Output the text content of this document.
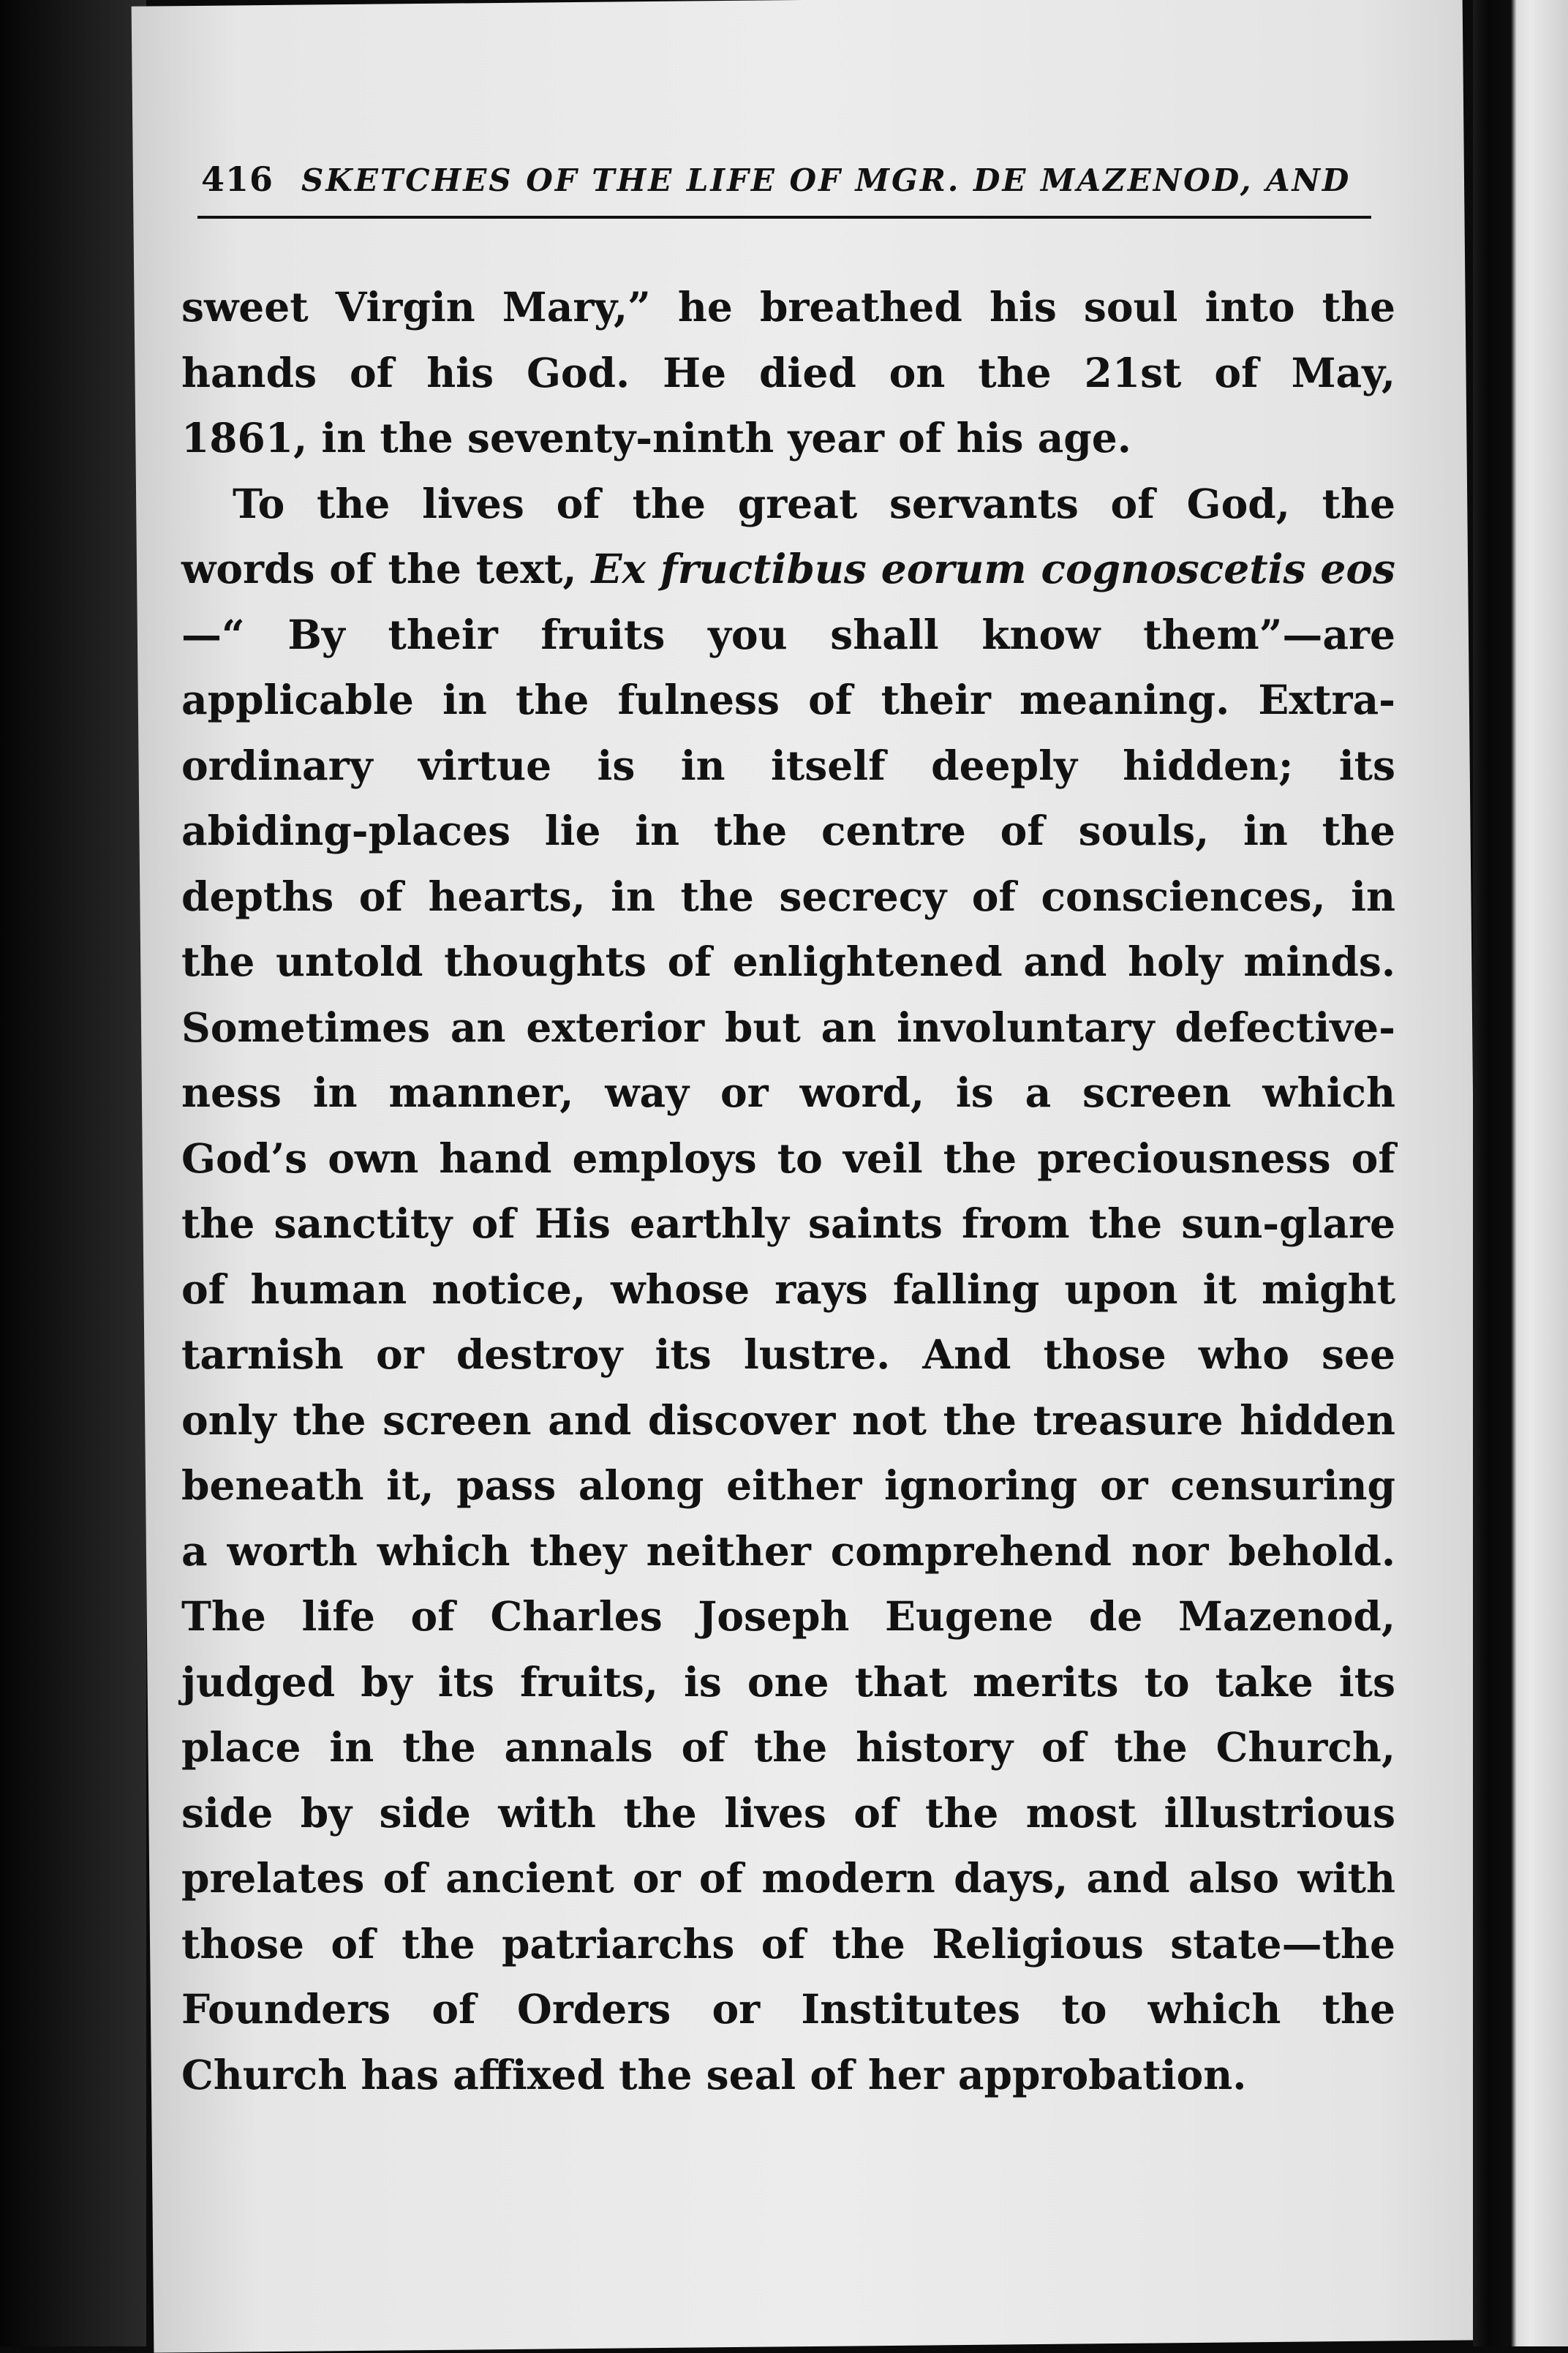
416 SKETCHES OF THE LIFE OF MGR. DE MAZENOD, AND
sweet Virgin Mary,” he breathed his soul into the
hands of his God. He died on the 21st of May,
1861, in the seventy-ninth year of his age.
To the lives of the great servants of God, the
words of the text, Ex fructibus eorum cognoscetis eos
—“ By their fruits you shall know them”—are
applicable in the fulness of their meaning. Extra-
ordinary virtue is in itself deeply hidden; its
abiding-places lie in the centre of souls, in the
depths of hearts, in the secrecy of consciences, in
the untold thoughts of enlightened and holy minds.
Sometimes an exterior but an involuntary defective-
ness in manner, way or word, is a screen which
God’s own hand employs to veil the preciousness of
the sanctity of His earthly saints from the sun-glare
of human notice, whose rays falling upon it might
tarnish or destroy its lustre. And those who see
only the screen and discover not the treasure hidden
beneath it, pass along either ignoring or censuring
a worth which they neither comprehend nor behold.
The life of Charles Joseph Eugene de Mazenod,
judged by its fruits, is one that merits to take its
place in the annals of the history of the Church,
side by side with the lives of the most illustrious
prelates of ancient or of modern days, and also with
those of the patriarchs of the Religious state—the
Founders of Orders or Institutes to which the
Church has affixed the seal of her approbation.
